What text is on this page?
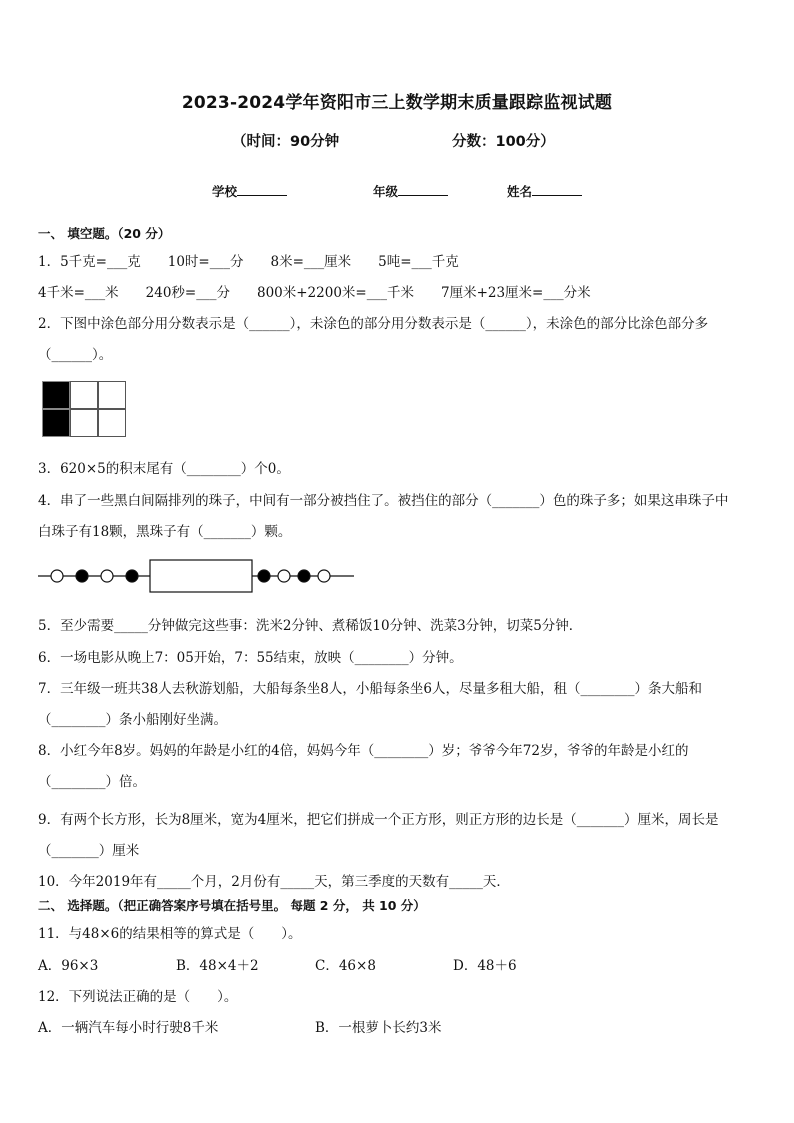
2023-2024学年资阳市三上数学期末质量跟踪监视试题
（时间：90分钟	分数：100分）
学校	年级	姓名
一、 填空题。（20 分）
1．5千克=___克　　10时=___分　　8米=___厘米　　5吨=___千克
4千米=___米　　240秒=___分　　800米+2200米=___千米　　7厘米+23厘米=___分米
2．下图中涂色部分用分数表示是（______），未涂色的部分用分数表示是（______），未涂色的部分比涂色部分多
（______）。
3．620×5的积末尾有（________）个0。
4．串了一些黑白间隔排列的珠子，中间有一部分被挡住了。被挡住的部分（_______）色的珠子多；如果这串珠子中
白珠子有18颗，黑珠子有（_______）颗。
5．至少需要_____分钟做完这些事：洗米2分钟、煮稀饭10分钟、洗菜3分钟，切菜5分钟．
6．一场电影从晚上7：05开始，7：55结束，放映（________）分钟。
7．三年级一班共38人去秋游划船，大船每条坐8人，小船每条坐6人，尽量多租大船，租（________）条大船和
（________）条小船刚好坐满。
8．小红今年8岁。妈妈的年龄是小红的4倍，妈妈今年（________）岁；爷爷今年72岁，爷爷的年龄是小红的
（________）倍。
9．有两个长方形，长为8厘米，宽为4厘米，把它们拼成一个正方形，则正方形的边长是（_______）厘米，周长是
（_______）厘米
10．今年2019年有_____个月，2月份有_____天，第三季度的天数有_____天．
二、 选择题。（把正确答案序号填在括号里。 每题 2 分， 共 10 分）
11．与48×6的结果相等的算式是（　　）。
A．96×3	B．48×4＋2	C．46×8	D．48＋6
12．下列说法正确的是（　　）。
A．一辆汽车每小时行驶8千米	B．一根萝卜长约3米
